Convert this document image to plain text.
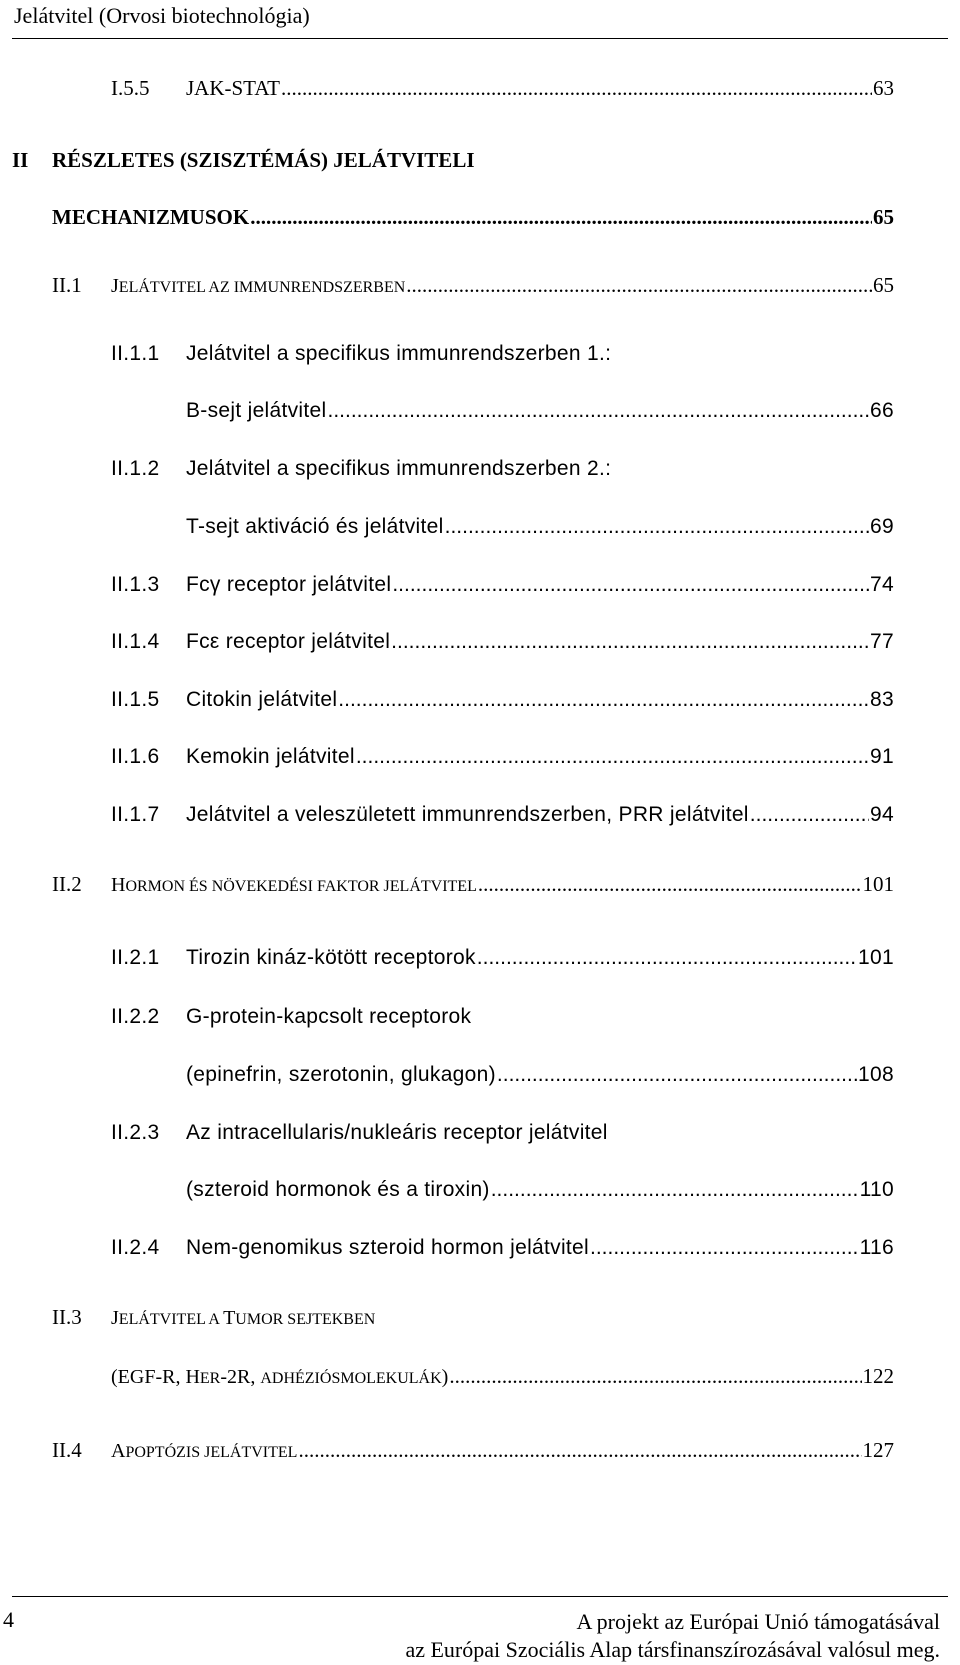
Jelátvitel (Orvosi biotechnológia)
I.5.5 JAK-STAT .....	63
II RÉSZLETES (SZISZTÉMÁS) JELÁTVITELI
MECHANIZMUSOK .....	65
II.1 JELÁTVITEL AZ IMMUNRENDSZERBEN .....	65
II.1.1 Jelátvitel a specifikus immunrendszerben 1.:
B-sejt jelátvitel .....	66
II.1.2 Jelátvitel a specifikus immunrendszerben 2.:
T-sejt aktiváció és jelátvitel .....	69
II.1.3 Fcγ receptor jelátvitel .....	74
II.1.4 Fcε receptor jelátvitel .....	77
II.1.5 Citokin jelátvitel .....	83
II.1.6 Kemokin jelátvitel .....	91
II.1.7 Jelátvitel a veleszületett immunrendszerben, PRR jelátvitel .....	94
II.2 HORMON ÉS NÖVEKEDÉSI FAKTOR JELÁTVITEL .....	101
II.2.1 Tirozin kináz-kötött receptorok .....	101
II.2.2 G-protein-kapcsolt receptorok
(epinefrin, szerotonin, glukagon) .....	108
II.2.3 Az intracellularis/nukleáris receptor jelátvitel
(szteroid hormonok és a tiroxin) .....	110
II.2.4 Nem-genomikus szteroid hormon jelátvitel .....	116
II.3 JELÁTVITEL A TUMOR SEJTEKBEN
(EGF-R, HER-2R, ADHÉZIÓSMOLEKULÁK) .....	122
II.4 APOPTÓZIS JELÁTVITEL .....	127
4	A projekt az Európai Unió támogatásával
az Európai Szociális Alap társfinanszírozásával valósul meg.
